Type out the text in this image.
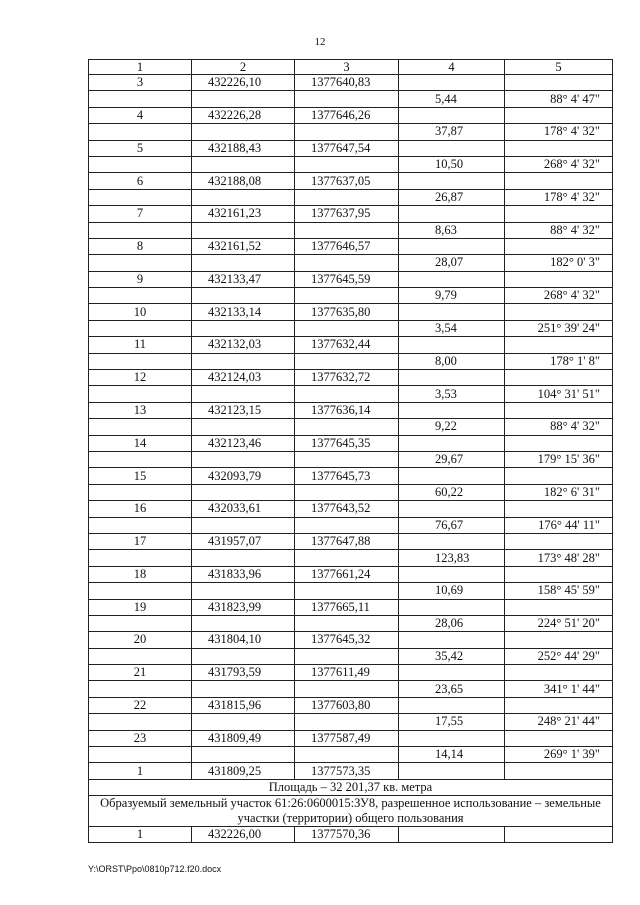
12
1	2	3	4	5
3	432226,10	1377640,83		
			5,44	88° 4' 47"
4	432226,28	1377646,26		
			37,87	178° 4' 32"
5	432188,43	1377647,54		
			10,50	268° 4' 32"
6	432188,08	1377637,05		
			26,87	178° 4' 32"
7	432161,23	1377637,95		
			8,63	88° 4' 32"
8	432161,52	1377646,57		
			28,07	182° 0' 3"
9	432133,47	1377645,59		
			9,79	268° 4' 32"
10	432133,14	1377635,80		
			3,54	251° 39' 24"
11	432132,03	1377632,44		
			8,00	178° 1' 8"
12	432124,03	1377632,72		
			3,53	104° 31' 51"
13	432123,15	1377636,14		
			9,22	88° 4' 32"
14	432123,46	1377645,35		
			29,67	179° 15' 36"
15	432093,79	1377645,73		
			60,22	182° 6' 31"
16	432033,61	1377643,52		
			76,67	176° 44' 11"
17	431957,07	1377647,88		
			123,83	173° 48' 28"
18	431833,96	1377661,24		
			10,69	158° 45' 59"
19	431823,99	1377665,11		
			28,06	224° 51' 20"
20	431804,10	1377645,32		
			35,42	252° 44' 29"
21	431793,59	1377611,49		
			23,65	341° 1' 44"
22	431815,96	1377603,80		
			17,55	248° 21' 44"
23	431809,49	1377587,49		
			14,14	269° 1' 39"
1	431809,25	1377573,35		
Площадь – 32 201,37 кв. метра				
Образуемый земельный участок 61:26:0600015:ЗУ8, разрешенное использование – земельные участки (территории) общего пользования				
1	432226,00	1377570,36		
Y:\ORST\Ppo\0810p712.f20.docx
